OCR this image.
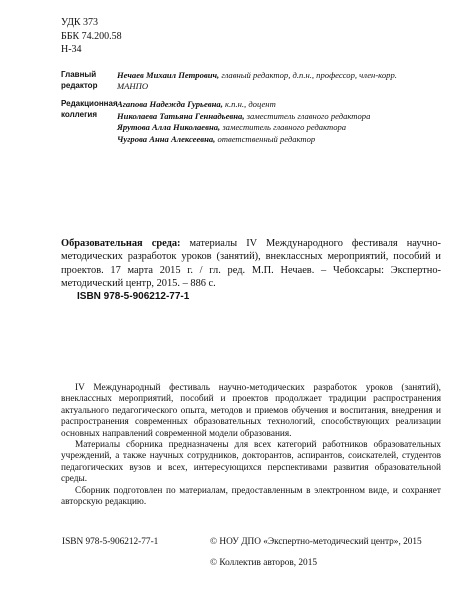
УДК 373
ББК 74.200.58
Н-34
Главный
редактор
Нечаев Михаил Петрович, главный редактор, д.п.н., профессор, член-корр. МАНПО
Редакционная
коллегия
Агапова Надежда Гурьевна, к.п.н., доцент
Николаева Татьяна Геннадьевна, заместитель главного редактора
Ярутова Алла Николаевна, заместитель главного редактора
Чугрова Анна Алексеевна, ответственный редактор
Образовательная среда: материалы IV Международного фестиваля научно-методических разработок уроков (занятий), внеклассных мероприятий, пособий и проектов. 17 марта 2015 г. / гл. ред. М.П. Нечаев. – Чебоксары: Экспертно-методический центр, 2015. – 886 с.
ISBN 978-5-906212-77-1

IV Международный фестиваль научно-методических разработок уроков (занятий), внеклассных мероприятий, пособий и проектов продолжает традиции распространения актуального педагогического опыта, методов и приемов обучения и воспитания, внедрения и распространения современных образовательных технологий, способствующих реализации основных направлений современной модели образования.

Материалы сборника предназначены для всех категорий работников образовательных учреждений, а также научных сотрудников, докторантов, аспирантов, соискателей, студентов педагогических вузов и всех, интересующихся перспективами развития образовательной среды.

Сборник подготовлен по материалам, предоставленным в электронном виде, и сохраняет авторскую редакцию.

ISBN 978-5-906212-77-1	© НОУ ДПО «Экспертно-методический центр», 2015
© Коллектив авторов, 2015
